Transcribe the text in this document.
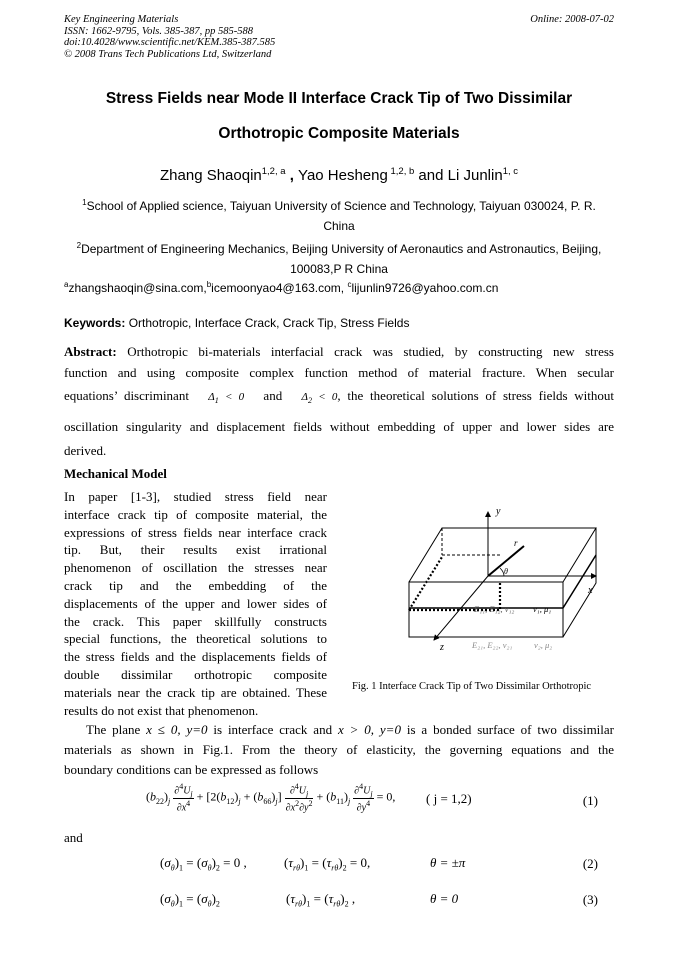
Key Engineering Materials
ISSN: 1662-9795, Vols. 385-387, pp 585-588
doi:10.4028/www.scientific.net/KEM.385-387.585
© 2008 Trans Tech Publications Ltd, Switzerland
Online: 2008-07-02
Stress Fields near Mode II Interface Crack Tip of Two Dissimilar
Orthotropic Composite Materials
Zhang Shaoqin$^{1,2, a}$ , Yao Hesheng $^{1,2, b}$ and Li Junlin$^{1, c}$
$^1$School of Applied science, Taiyuan University of Science and Technology, Taiyuan 030024, P. R.
China
$^2$Department of Engineering Mechanics, Beijing University of Aeronautics and Astronautics, Beijing,
100083,P R China
$^a$zhangshaoqin@sina.com,$^b$icemoonyao4@163.com, $^c$lijunlin9726@yahoo.com.cn
Keywords: Orthotropic, Interface Crack, Crack Tip, Stress Fields
Abstract: Orthotropic bi-materials interfacial crack was studied, by constructing new stress
function and using composite complex function method of material fracture. When secular
equations’ discriminant   $\Delta_1 < 0$   and   $\Delta_2 < 0$, the theoretical solutions of stress fields without
oscillation singularity and displacement fields without embedding of upper and lower sides are
derived.
Mechanical Model
In paper [1-3], studied stress field near
interface crack tip of composite material, the
expressions of stress fields near interface crack
tip. But, their results exist irrational
phenomenon of oscillation the stresses near
crack tip and the embedding of the
displacements of the upper and lower sides of
the crack. This paper skillfully constructs
special functions, the theoretical solutions to
the stress fields and the displacements fields of
double dissimilar orthotropic composite
materials near the crack tip are obtained. These
results do not exist that phenomenon.
y
x
z
r
θ
E₁₁, E₁₂, ν₁₂ ν₁, μ₁
E₂₁, E₂₂, ν₂₁	ν₂, μ₂
Fig. 1 Interface Crack Tip of Two Dissimilar Orthotropic
The plane x ≤ 0, y=0 is interface crack and x > 0, y=0 is a bonded surface of two dissimilar
materials as shown in Fig.1. From the theory of elasticity, the governing equations and the
boundary conditions can be expressed as follows
$(b_{22})_j \frac{\partial^4U_j}{\partial x^4} + [2(b_{12})_j + (b_{66})_j] \frac{\partial^4U_j}{\partial x^2\partial y^2} + (b_{11})_j \frac{\partial^4U_j}{\partial y^4} = 0$, ( j = 1,2)	(1)
and
$(\sigma_\theta)_1 = (\sigma_\theta)_2 = 0$ ,	$(\tau_{r\theta})_1 = (\tau_{r\theta})_2 = 0$,	θ = ±π	(2)
$(\sigma_\theta)_1 = (\sigma_\theta)_2$	$(\tau_{r\theta})_1 = (\tau_{r\theta})_2$ ,	θ = 0	(3)
